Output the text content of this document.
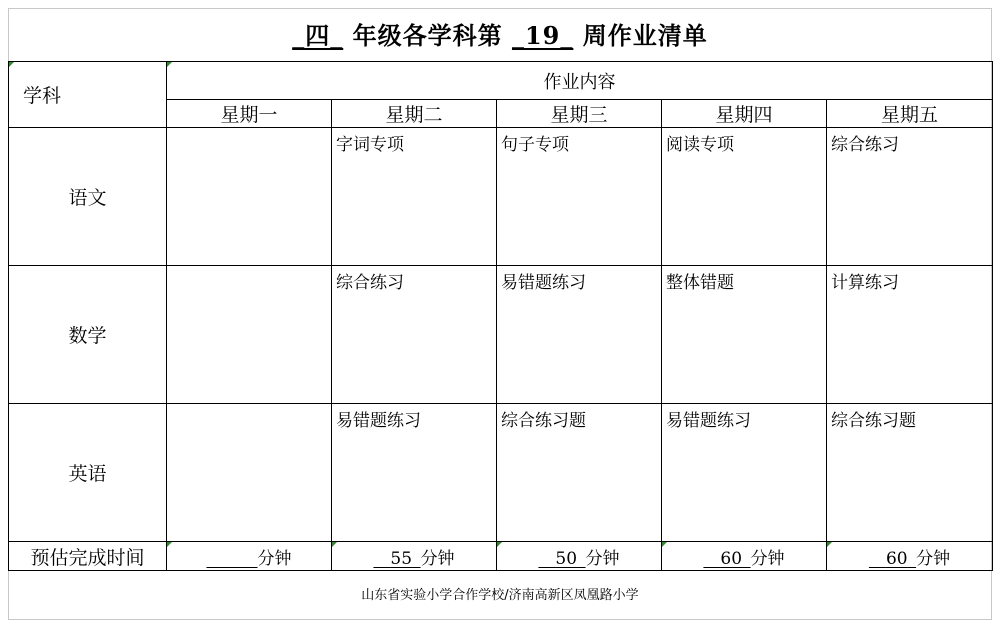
_四_ 年级各学科第 _19_ 周作业清单
学科	作业内容				
	星期一	星期二	星期三	星期四	星期五
语文		字词专项	句子专项	阅读专项	综合练习

数学		综合练习	易错题练习	整体错题	计算练习

英语		易错题练习	综合练习题	易错题练习	综合练习题

预估完成时间	   分钟	  55  分钟	  50  分钟	  60  分钟	  60  分钟
山东省实验小学合作学校/济南高新区凤凰路小学
